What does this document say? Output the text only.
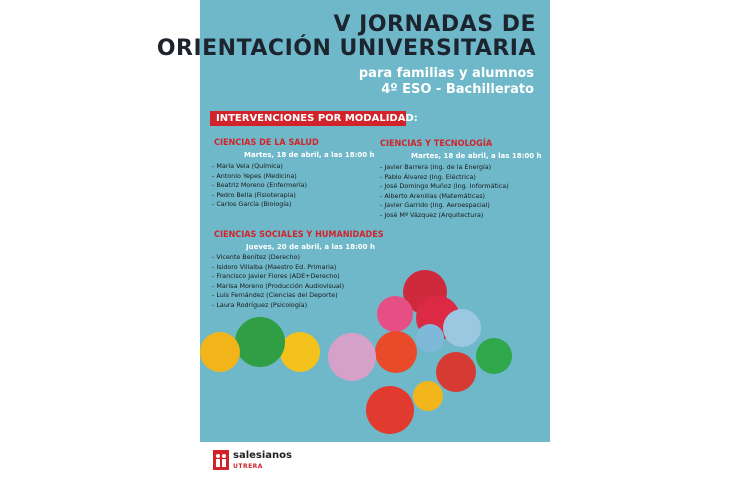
V JORNADAS DE
ORIENTACIÓN UNIVERSITARIA
para familias y alumnos
4º ESO - Bachillerato
INTERVENCIONES POR MODALIDAD:
CIENCIAS DE LA SALUD
Martes, 18 de abril, a las 18:00 h
- María Vela (Química)
- Antonio Yepes (Medicina)
- Beatriz Moreno (Enfermería)
- Pedro Bella (Fisioterapia)
- Carlos García (Biología)
CIENCIAS Y TECNOLOGÍA
Martes, 18 de abril, a las 18:00 h
- Javier Barrera (Ing. de la Energía)
- Pablo Álvarez (Ing. Eléctrica)
- José Domingo Muñoz (Ing. Informática)
- Alberto Arenillas (Matemáticas)
- Javier Garrido (Ing. Aeroespacial)
- José Mª Vázquez (Arquitectura)
CIENCIAS SOCIALES Y HUMANIDADES
Jueves, 20 de abril, a las 18:00 h
- Vicente Benítez (Derecho)
- Isidoro Villalba (Maestro Ed. Primaria)
- Francisco Javier Flores (ADE+Derecho)
- Marisa Moreno (Producción Audiovisual)
- Luis Fernández (Ciencias del Deporte)
- Laura Rodríguez (Psicología)
salesianos
UTRERA
